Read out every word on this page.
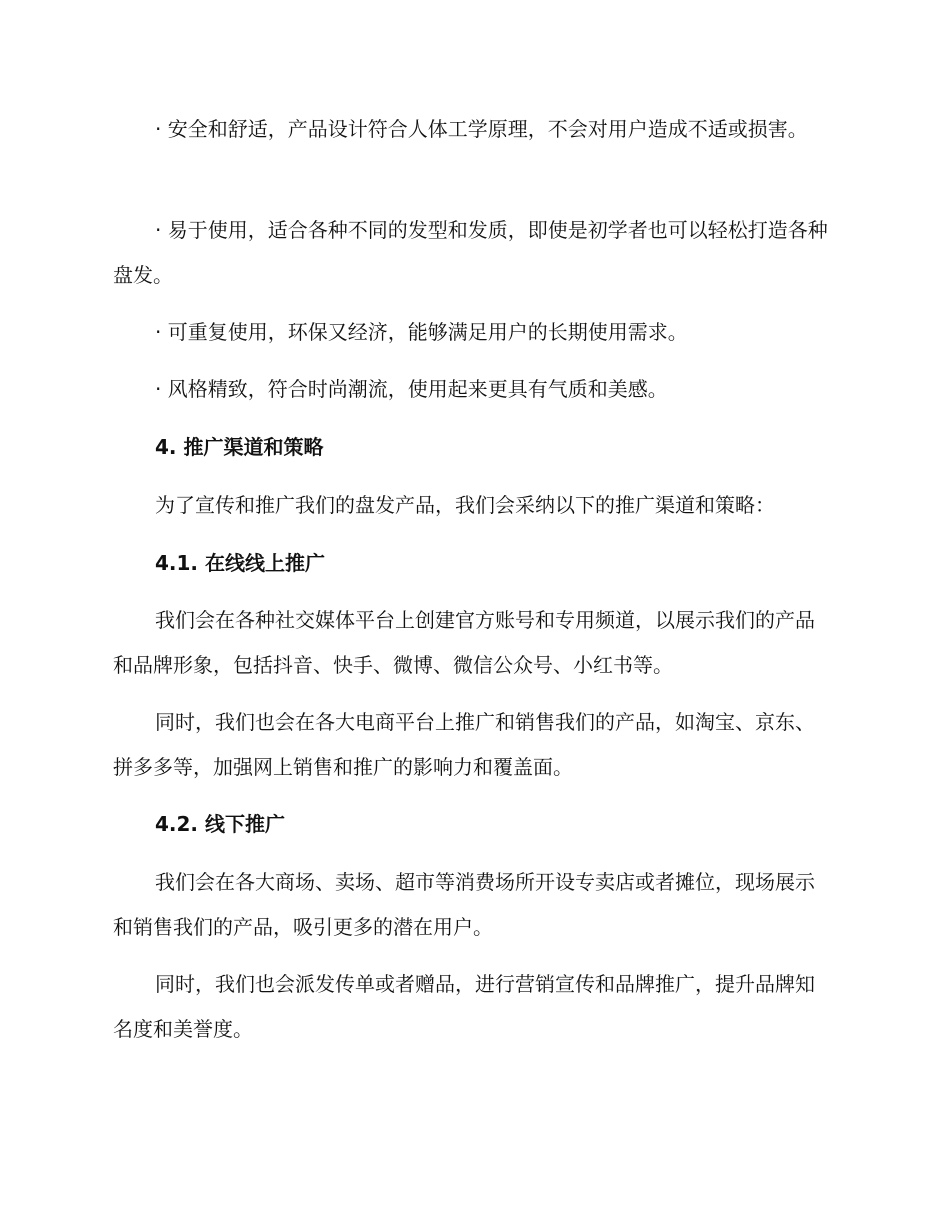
· 安全和舒适，产品设计符合人体工学原理，不会对用户造成不适或损害。

· 易于使用，适合各种不同的发型和发质，即使是初学者也可以轻松打造各种盘发。

· 可重复使用，环保又经济，能够满足用户的长期使用需求。

· 风格精致，符合时尚潮流，使用起来更具有气质和美感。

4. 推广渠道和策略

为了宣传和推广我们的盘发产品，我们会采纳以下的推广渠道和策略：

4.1. 在线线上推广

我们会在各种社交媒体平台上创建官方账号和专用频道，以展示我们的产品和品牌形象，包括抖音、快手、微博、微信公众号、小红书等。

同时，我们也会在各大电商平台上推广和销售我们的产品，如淘宝、京东、拼多多等，加强网上销售和推广的影响力和覆盖面。

4.2. 线下推广

我们会在各大商场、卖场、超市等消费场所开设专卖店或者摊位，现场展示和销售我们的产品，吸引更多的潜在用户。

同时，我们也会派发传单或者赠品，进行营销宣传和品牌推广，提升品牌知名度和美誉度。
